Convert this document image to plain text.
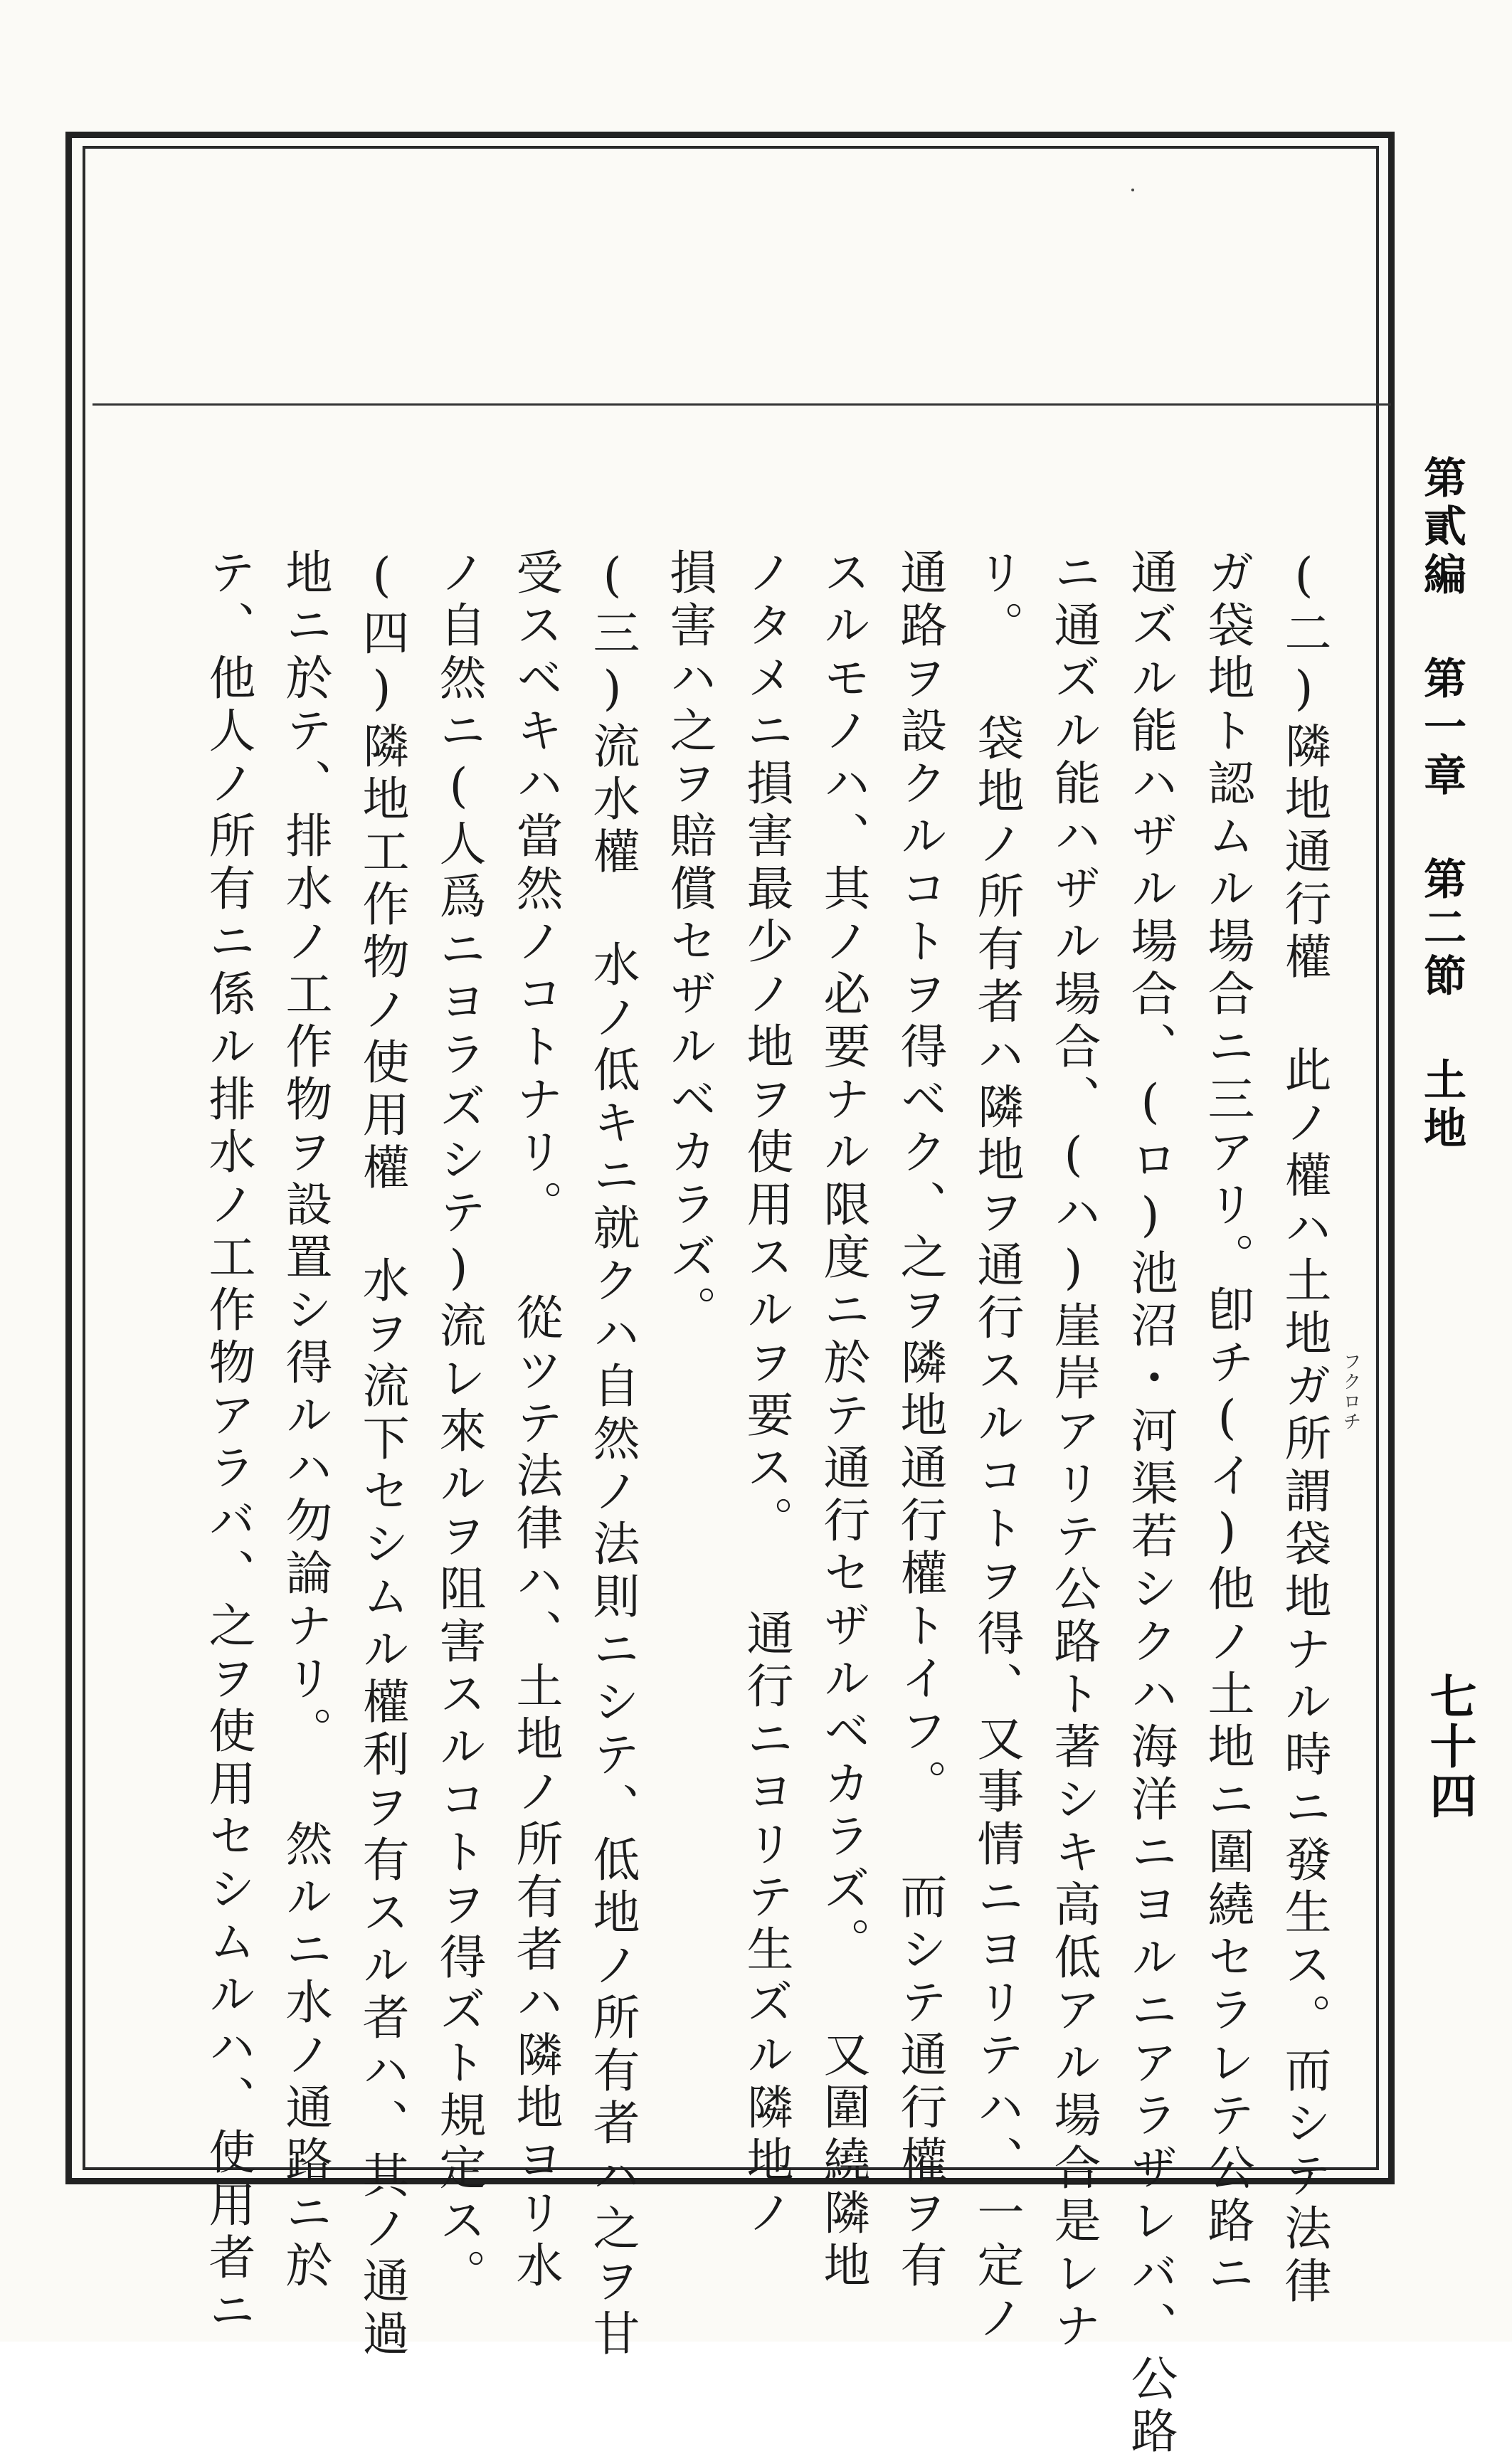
第貳編 第一章 第二節 土地
七十四
フクロチ
(二)隣地通行權 此ノ權ハ土地ガ所謂袋地ナル時ニ發生ス。而シテ法律
ガ袋地ト認ムル場合ニ三アリ。卽チ(イ)他ノ土地ニ圍繞セラレテ公路ニ
通ズル能ハザル場合、(ロ)池沼・河渠若シクハ海洋ニヨルニアラザレバ、公路
ニ通ズル能ハザル場合、(ハ)崖岸アリテ公路ト著シキ高低アル場合是レナ
リ。 袋地ノ所有者ハ隣地ヲ通行スルコトヲ得、又事情ニヨリテハ、一定ノ
通路ヲ設クルコトヲ得ベク、之ヲ隣地通行權トイフ。 而シテ通行權ヲ有
スルモノハ、其ノ必要ナル限度ニ於テ通行セザルベカラズ。 又圍繞隣地
ノタメニ損害最少ノ地ヲ使用スルヲ要ス。 通行ニヨリテ生ズル隣地ノ
損害ハ之ヲ賠償セザルベカラズ。
(三)流水權 水ノ低キニ就クハ自然ノ法則ニシテ、低地ノ所有者ハ之ヲ甘
受スベキハ當然ノコトナリ。 從ツテ法律ハ、土地ノ所有者ハ隣地ヨリ水
ノ自然ニ(人爲ニヨラズシテ)流レ來ルヲ阻害スルコトヲ得ズト規定ス。
(四)隣地工作物ノ使用權 水ヲ流下セシムル權利ヲ有スル者ハ、其ノ通過
地ニ於テ、排水ノ工作物ヲ設置シ得ルハ勿論ナリ。 然ルニ水ノ通路ニ於
テ、他人ノ所有ニ係ル排水ノ工作物アラバ、之ヲ使用セシムルハ、使用者ニ
